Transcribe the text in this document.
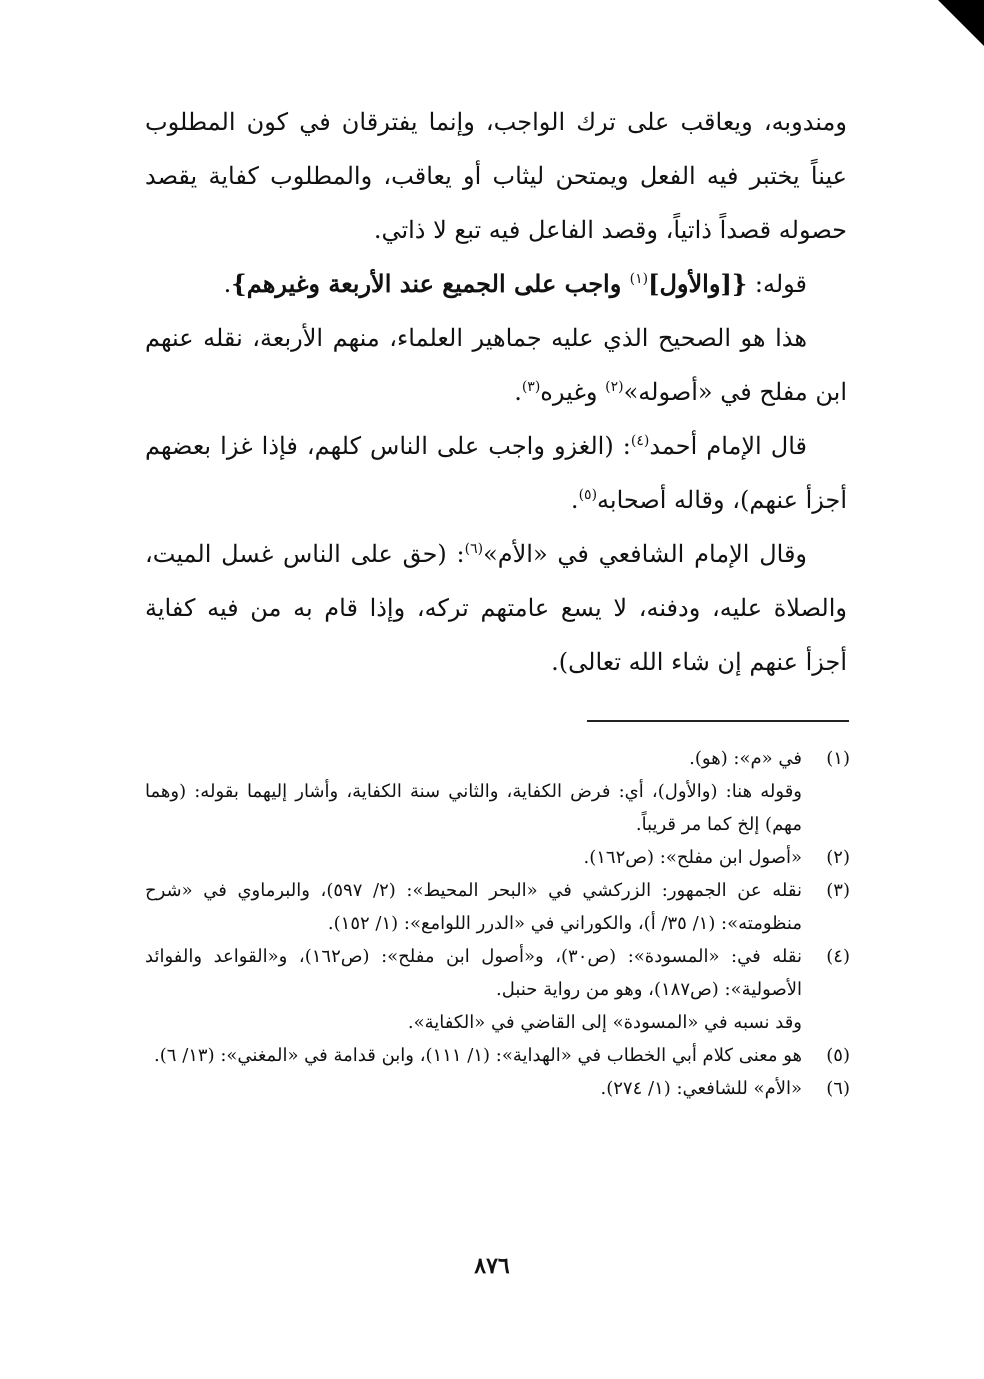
ومندوبه، ويعاقب على ترك الواجب، وإنما يفترقان في كون المطلوب عيناً يختبر فيه الفعل ويمتحن ليثاب أو يعاقب، والمطلوب كفاية يقصد حصوله قصداً ذاتياً، وقصد الفاعل فيه تبع لا ذاتي.

قوله: {[والأول]$^{(١)}$ واجب على الجميع عند الأربعة وغيرهم}.

هذا هو الصحيح الذي عليه جماهير العلماء، منهم الأربعة، نقله عنهم ابن مفلح في «أصوله»$^{(٢)}$ وغيره$^{(٣)}$.

قال الإمام أحمد$^{(٤)}$: (الغزو واجب على الناس كلهم، فإذا غزا بعضهم أجزأ عنهم)، وقاله أصحابه$^{(٥)}$.

وقال الإمام الشافعي في «الأم»$^{(٦)}$: (حق على الناس غسل الميت، والصلاة عليه، ودفنه، لا يسع عامتهم تركه، وإذا قام به من فيه كفاية أجزأ عنهم إن شاء الله تعالى).

(١)
في «م»: (هو).
وقوله هنا: (والأول)، أي: فرض الكفاية، والثاني سنة الكفاية، وأشار إليهما بقوله: (وهما مهم) إلخ كما مر قريباً.
(٢)
«أصول ابن مفلح»: (ص١٦٢).
(٣)
نقله عن الجمهور: الزركشي في «البحر المحيط»: (٢/ ٥٩٧)، والبرماوي في «شرح منظومته»: (١/ ٣٥/ أ)، والكوراني في «الدرر اللوامع»: (١/ ١٥٢).
(٤)
نقله في: «المسودة»: (ص٣٠)، و«أصول ابن مفلح»: (ص١٦٢)، و«القواعد والفوائد الأصولية»: (ص١٨٧)، وهو من رواية حنبل.
وقد نسبه في «المسودة» إلى القاضي في «الكفاية».
(٥)
هو معنى كلام أبي الخطاب في «الهداية»: (١/ ١١١)، وابن قدامة في «المغني»: (١٣/ ٦).
(٦)
«الأم» للشافعي: (١/ ٢٧٤).
٨٧٦
